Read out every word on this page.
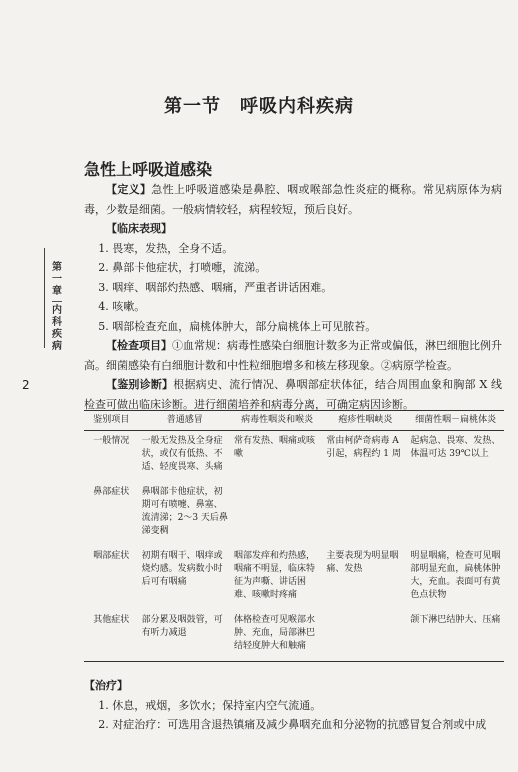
第
一
章
内
科
疾
病
2
第一节　呼吸内科疾病
急性上呼吸道感染

【定义】急性上呼吸道感染是鼻腔、咽或喉部急性炎症的概称。常见病原体为病毒，少数是细菌。一般病情较轻，病程较短，预后良好。

【临床表现】

1. 畏寒，发热，全身不适。

2. 鼻部卡他症状，打喷嚏，流涕。

3. 咽痒、咽部灼热感、咽痛，严重者讲话困难。

4. 咳嗽。

5. 咽部检查充血，扁桃体肿大，部分扁桃体上可见脓苔。

【检查项目】①血常规：病毒性感染白细胞计数多为正常或偏低，淋巴细胞比例升高。细菌感染有白细胞计数和中性粒细胞增多和核左移现象。②病原学检查。

【鉴别诊断】根据病史、流行情况、鼻咽部症状体征，结合周围血象和胸部 X 线检查可做出临床诊断。进行细菌培养和病毒分离，可确定病因诊断。

鉴别项目	普通感冒	病毒性咽炎和喉炎	疱疹性咽峡炎	细菌性咽－扁桃体炎
一般情况	一般无发热及全身症状，或仅有低热、不适、轻度畏寒、头痛	常有发热、咽痛或咳嗽	常由柯萨奇病毒 A 引起，病程约 1 周	起病急、畏寒、发热、体温可达 39℃以上
鼻部症状	鼻咽部卡他症状，初期可有喷嚏、鼻塞、流清涕；2～3 天后鼻涕变稠			
咽部症状	初期有咽干、咽痒或烧灼感。发病数小时后可有咽痛	咽部发痒和灼热感，咽痛不明显，临床特征为声嘶、讲话困难、咳嗽时疼痛	主要表现为明显咽痛、发热	明显咽痛，检查可见咽部明显充血，扁桃体肿大，充血。表面可有黄色点状物
其他症状	部分累及咽鼓管，可有听力减退	体格检查可见喉部水肿、充血，局部淋巴结轻度肿大和触痛		颌下淋巴结肿大、压痛

【治疗】

1. 休息，戒烟，多饮水；保持室内空气流通。

2. 对症治疗：可选用含退热镇痛及减少鼻咽充血和分泌物的抗感冒复合剂或中成
